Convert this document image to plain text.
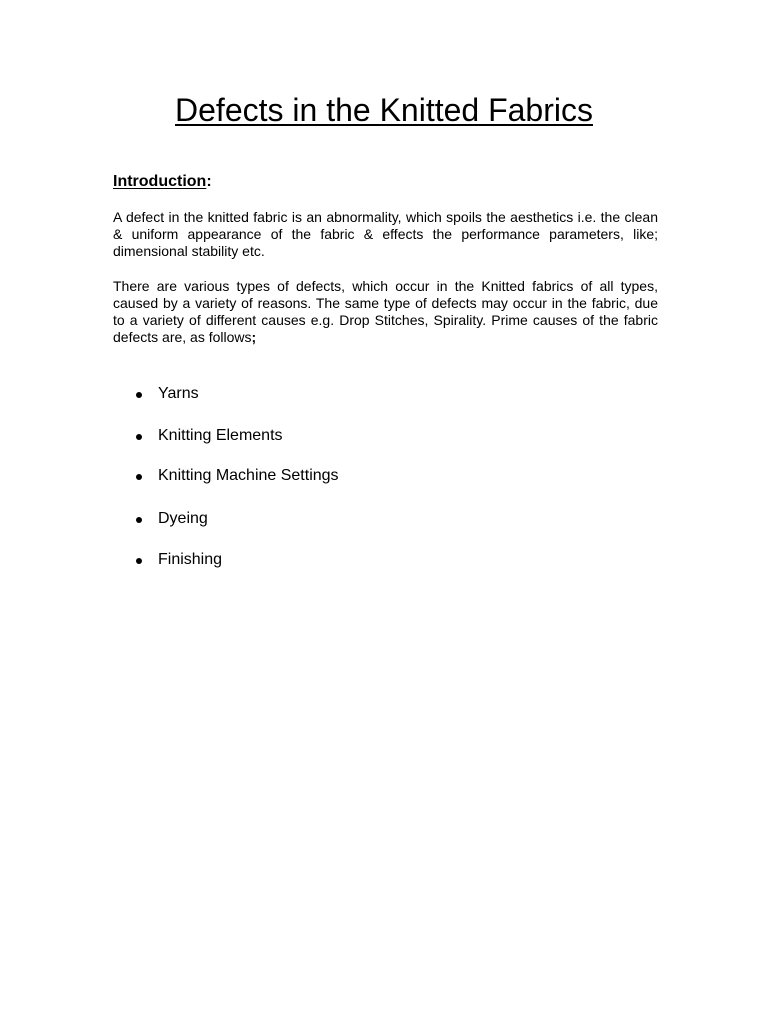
Defects in the Knitted Fabrics
Introduction:

A defect in the knitted fabric is an abnormality, which spoils the aesthetics i.e. the clean & uniform appearance of the fabric & effects the performance parameters, like; dimensional stability etc.

There are various types of defects, which occur in the Knitted fabrics of all types, caused by a variety of reasons. The same type of defects may occur in the fabric, due to a variety of different causes e.g. Drop Stitches, Spirality. Prime causes of the fabric defects are, as follows;

Yarns
Knitting Elements
Knitting Machine Settings
Dyeing
Finishing
